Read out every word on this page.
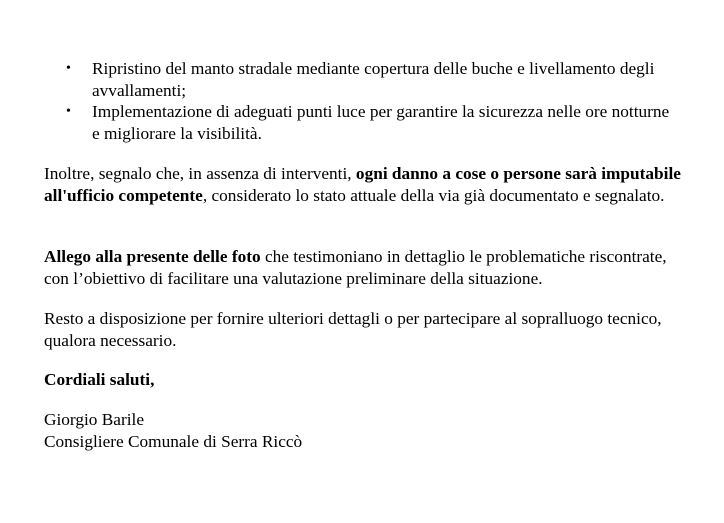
• Ripristino del manto stradale mediante copertura delle buche e livellamento degli avvallamenti;
• Implementazione di adeguati punti luce per garantire la sicurezza nelle ore notturne e migliorare la visibilità.

Inoltre, segnalo che, in assenza di interventi, ogni danno a cose o persone sarà imputabile all'ufficio competente, considerato lo stato attuale della via già documentato e segnalato.

Allego alla presente delle foto che testimoniano in dettaglio le problematiche riscontrate, con l’obiettivo di facilitare una valutazione preliminare della situazione.

Resto a disposizione per fornire ulteriori dettagli o per partecipare al sopralluogo tecnico, qualora necessario.

Cordiali saluti,

Giorgio Barile

Consigliere Comunale di Serra Riccò
